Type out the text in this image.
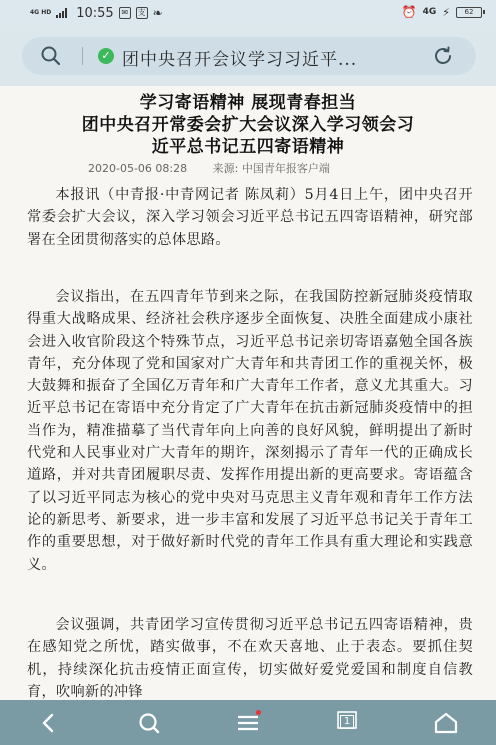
4G HD 10:55 ✉	支 ❧	⏰ 4G ⚡	62
✓ 团中央召开会议学习习近平...
学习寄语精神 展现青春担当
团中央召开常委会扩大会议深入学习领会习
近平总书记五四寄语精神
2020-05-06 08:28 来源: 中国青年报客户端
本报讯（中青报·中青网记者 陈凤莉）5月4日上午，团中央召开常委会扩大会议，深入学习领会习近平总书记五四寄语精神，研究部署在全团贯彻落实的总体思路。
会议指出，在五四青年节到来之际，在我国防控新冠肺炎疫情取得重大战略成果、经济社会秩序逐步全面恢复、决胜全面建成小康社会进入收官阶段这个特殊节点，习近平总书记亲切寄语嘉勉全国各族青年，充分体现了党和国家对广大青年和共青团工作的重视关怀，极大鼓舞和振奋了全国亿万青年和广大青年工作者，意义尤其重大。习近平总书记在寄语中充分肯定了广大青年在抗击新冠肺炎疫情中的担当作为，精准描摹了当代青年向上向善的良好风貌，鲜明提出了新时代党和人民事业对广大青年的期许，深刻揭示了青年一代的正确成长道路，并对共青团履职尽责、发挥作用提出新的更高要求。寄语蕴含了以习近平同志为核心的党中央对马克思主义青年观和青年工作方法论的新思考、新要求，进一步丰富和发展了习近平总书记关于青年工作的重要思想，对于做好新时代党的青年工作具有重大理论和实践意义。
会议强调，共青团学习宣传贯彻习近平总书记五四寄语精神，贵在感知党之所忧，踏实做事，不在欢天喜地、止于表态。要抓住契机，持续深化抗击疫情正面宣传，切实做好爱党爱国和制度自信教育，吹响新的冲锋
1
